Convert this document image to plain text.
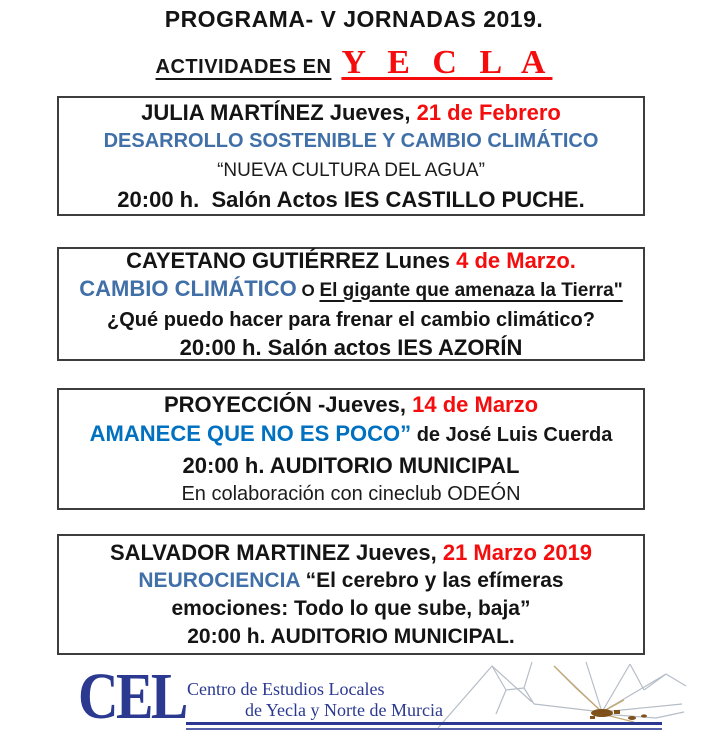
PROGRAMA- V JORNADAS 2019.
ACTIVIDADES EN Y E C L A
JULIA MARTÍNEZ Jueves, 21 de Febrero
DESARROLLO SOSTENIBLE Y CAMBIO CLIMÁTICO
“NUEVA CULTURA DEL AGUA”
20:00 h.  Salón Actos IES CASTILLO PUCHE.
CAYETANO GUTIÉRREZ Lunes 4 de Marzo.
CAMBIO CLIMÁTICO O El gigante que amenaza la Tierra"
¿Qué puedo hacer para frenar el cambio climático?
20:00 h. Salón actos IES AZORÍN
PROYECCIÓN -Jueves, 14 de Marzo
AMANECE QUE NO ES POCO” de José Luis Cuerda
20:00 h. AUDITORIO MUNICIPAL
En colaboración con cineclub ODEÓN
SALVADOR MARTINEZ Jueves, 21 Marzo 2019
NEUROCIENCIA “El cerebro y las efímeras
emociones: Todo lo que sube, baja”
20:00 h. AUDITORIO MUNICIPAL.
CEL Centro de Estudios Locales
de Yecla y Norte de Murcia
